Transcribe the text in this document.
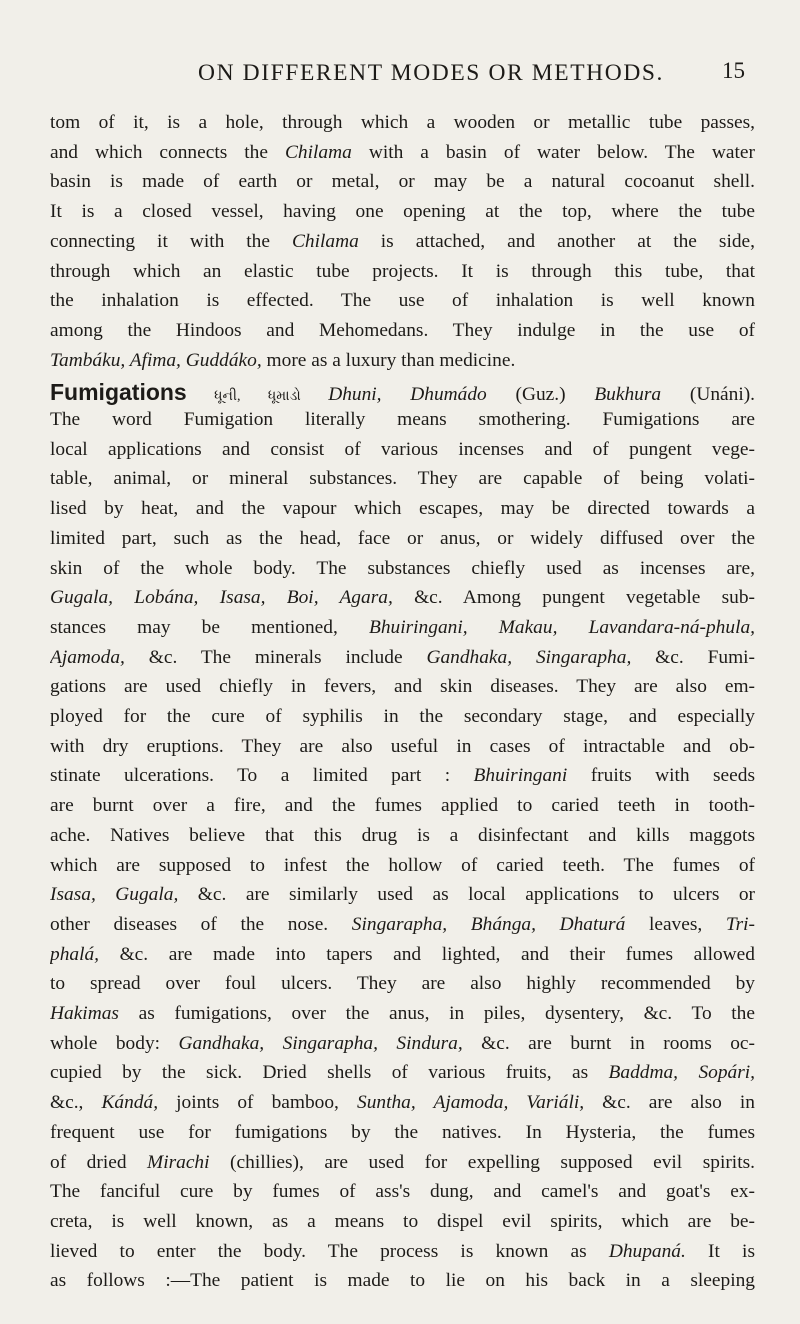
ON DIFFERENT MODES OR METHODS.	15
tom of it, is a hole, through which a wooden or metallic tube passes,
and which connects the Chilama with a basin of water below. The water
basin is made of earth or metal, or may be a natural cocoanut shell.
It is a closed vessel, having one opening at the top, where the tube
connecting it with the Chilama is attached, and another at the side,
through which an elastic tube projects. It is through this tube, that
the inhalation is effected. The use of inhalation is well known
among the Hindoos and Mehomedans. They indulge in the use of
Tambáku, Afima, Guddáko, more as a luxury than medicine.
Fumigations ધૂની, ધૂમાડો Dhuni, Dhumádo (Guz.) Bukhura (Unáni).
The word Fumigation literally means smothering. Fumigations are
local applications and consist of various incenses and of pungent vege-
table, animal, or mineral substances. They are capable of being volati-
lised by heat, and the vapour which escapes, may be directed towards a
limited part, such as the head, face or anus, or widely diffused over the
skin of the whole body. The substances chiefly used as incenses are,
Gugala, Lobána, Isasa, Boi, Agara, &c. Among pungent vegetable sub-
stances may be mentioned, Bhuiringani, Makau, Lavandara-ná-phula,
Ajamoda, &c. The minerals include Gandhaka, Singarapha, &c. Fumi-
gations are used chiefly in fevers, and skin diseases. They are also em-
ployed for the cure of syphilis in the secondary stage, and especially
with dry eruptions. They are also useful in cases of intractable and ob-
stinate ulcerations. To a limited part : Bhuiringani fruits with seeds
are burnt over a fire, and the fumes applied to caried teeth in tooth-
ache. Natives believe that this drug is a disinfectant and kills maggots
which are supposed to infest the hollow of caried teeth. The fumes of
Isasa, Gugala, &c. are similarly used as local applications to ulcers or
other diseases of the nose. Singarapha, Bhánga, Dhaturá leaves, Tri-
phalá, &c. are made into tapers and lighted, and their fumes allowed
to spread over foul ulcers. They are also highly recommended by
Hakimas as fumigations, over the anus, in piles, dysentery, &c. To the
whole body: Gandhaka, Singarapha, Sindura, &c. are burnt in rooms oc-
cupied by the sick. Dried shells of various fruits, as Baddma, Sopári,
&c., Kándá, joints of bamboo, Suntha, Ajamoda, Variáli, &c. are also in
frequent use for fumigations by the natives. In Hysteria, the fumes
of dried Mirachi (chillies), are used for expelling supposed evil spirits.
The fanciful cure by fumes of ass's dung, and camel's and goat's ex-
creta, is well known, as a means to dispel evil spirits, which are be-
lieved to enter the body. The process is known as Dhupaná. It is
as follows :—The patient is made to lie on his back in a sleeping
